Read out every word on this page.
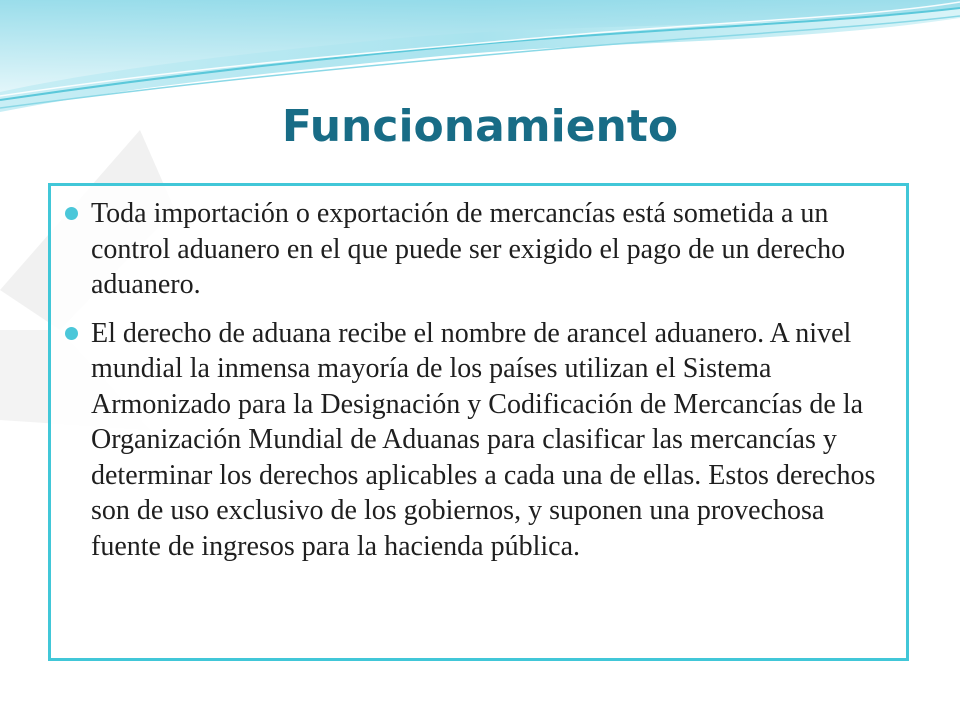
Funcionamiento
Toda importación o exportación de mercancías está sometida a un control aduanero en el que puede ser exigido el pago de un derecho aduanero.
El derecho de aduana recibe el nombre de arancel aduanero. A nivel mundial la inmensa mayoría de los países utilizan el Sistema Armonizado para la Designación y Codificación de Mercancías de la Organización Mundial de Aduanas para clasificar las mercancías y determinar los derechos aplicables a cada una de ellas. Estos derechos son de uso exclusivo de los gobiernos, y suponen una provechosa fuente de ingresos para la hacienda pública.
